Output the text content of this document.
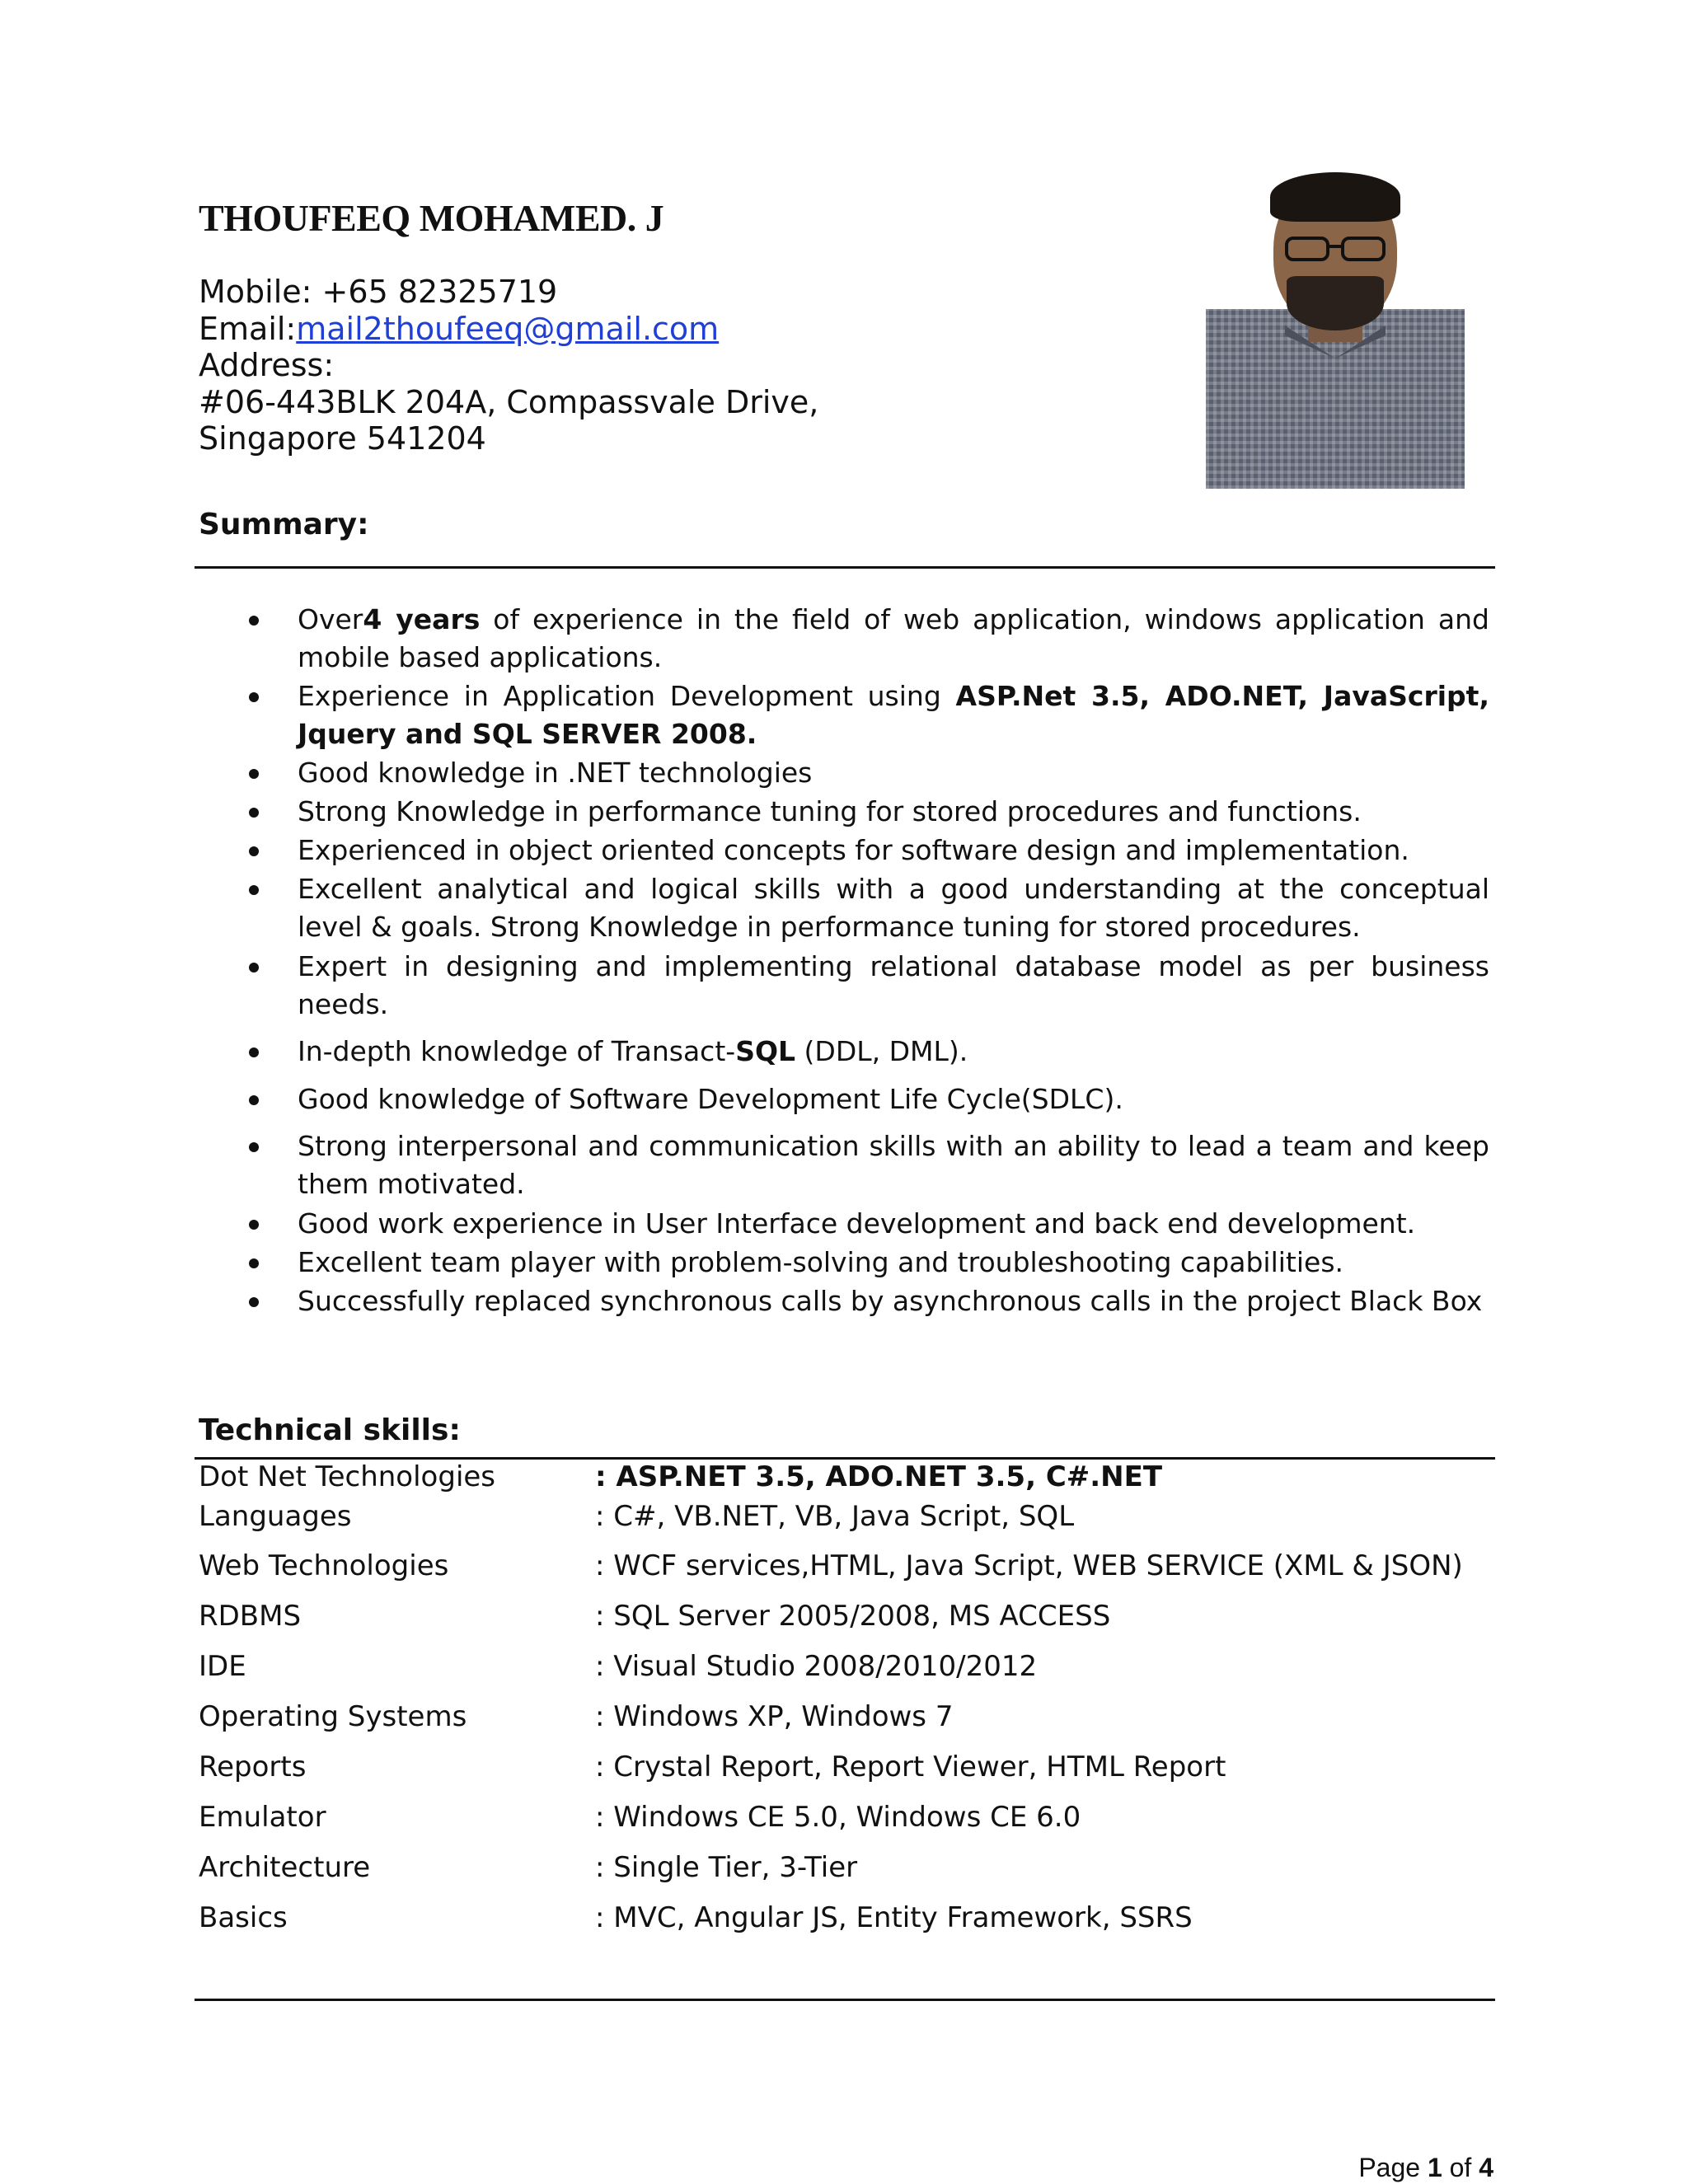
THOUFEEQ MOHAMED. J
Mobile: +65 82325719
Email:mail2thoufeeq@gmail.com
Address:
#06-443BLK 204A, Compassvale Drive,
Singapore 541204
Summary:
Over4 years of experience in the field of web application, windows application and mobile based applications.
Experience in Application Development using ASP.Net 3.5, ADO.NET, JavaScript, Jquery and SQL SERVER 2008.
Good knowledge in .NET technologies
Strong Knowledge in performance tuning for stored procedures and functions.
Experienced in object oriented concepts for software design and implementation.
Excellent analytical and logical skills with a good understanding at the conceptual level & goals. Strong Knowledge in performance tuning for stored procedures.
Expert in designing and implementing relational database model as per business needs.
In-depth knowledge of Transact-SQL (DDL, DML).
Good knowledge of Software Development Life Cycle(SDLC).
Strong interpersonal and communication skills with an ability to lead a team and keep them motivated.
Good work experience in User Interface development and back end development.
Excellent team player with problem-solving and troubleshooting capabilities.
Successfully replaced synchronous calls by asynchronous calls in the project Black Box
Technical skills:
Dot Net Technologies	: ASP.NET 3.5, ADO.NET 3.5, C#.NET
Languages	: C#, VB.NET, VB, Java Script, SQL
Web Technologies	: WCF services,HTML, Java Script, WEB SERVICE (XML & JSON)
RDBMS	: SQL Server 2005/2008, MS ACCESS
IDE	: Visual Studio 2008/2010/2012
Operating Systems	: Windows XP, Windows 7
Reports	: Crystal Report, Report Viewer, HTML Report
Emulator	: Windows CE 5.0, Windows CE 6.0
Architecture	: Single Tier, 3-Tier
Basics	: MVC, Angular JS, Entity Framework, SSRS
Page 1 of 4
